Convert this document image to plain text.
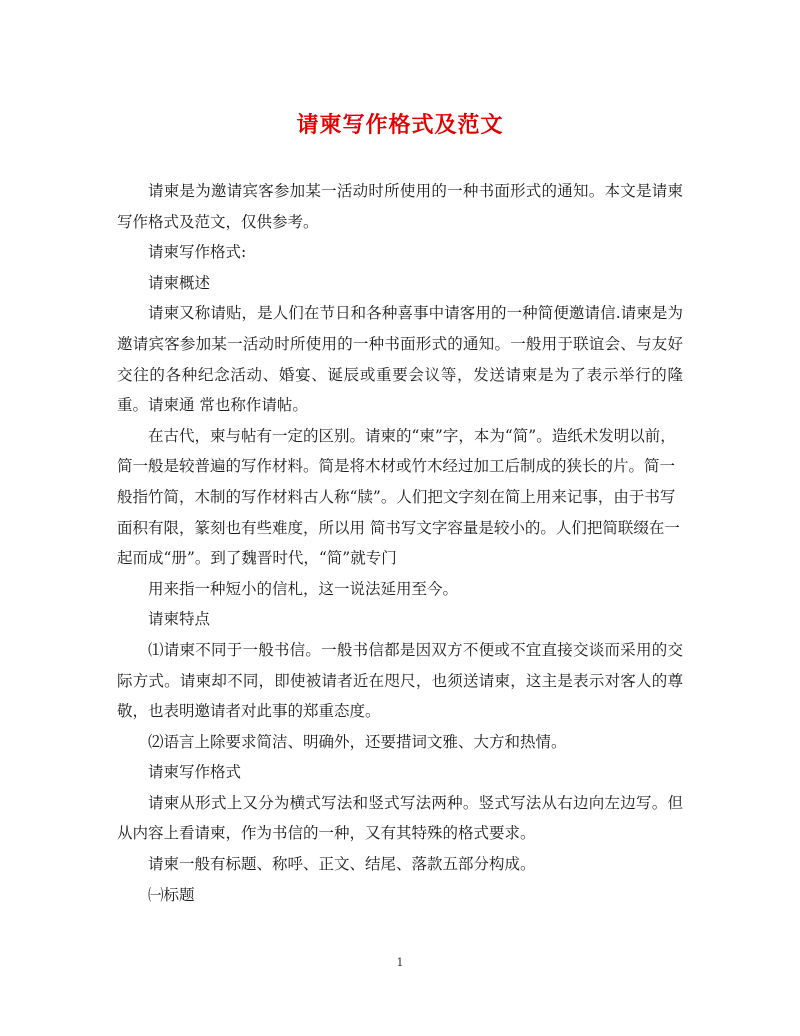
请柬写作格式及范文

请柬是为邀请宾客参加某一活动时所使用的一种书面形式的通知。本文是请柬写作格式及范文，仅供参考。

请柬写作格式:

请柬概述

请柬又称请贴，是人们在节日和各种喜事中请客用的一种简便邀请信.请柬是为邀请宾客参加某一活动时所使用的一种书面形式的通知。一般用于联谊会、与友好交往的各种纪念活动、婚宴、诞辰或重要会议等，发送请柬是为了表示举行的隆重。请柬通 常也称作请帖。

在古代，柬与帖有一定的区别。请柬的“柬”字，本为“简”。造纸术发明以前，简一般是较普遍的写作材料。简是将木材或竹木经过加工后制成的狭长的片。简一般指竹简，木制的写作材料古人称“牍”。人们把文字刻在简上用来记事，由于书写面积有限，篆刻也有些难度，所以用 简书写文字容量是较小的。人们把简联缀在一起而成“册”。到了魏晋时代，“简”就专门

用来指一种短小的信札，这一说法延用至今。

请柬特点

⑴请柬不同于一般书信。一般书信都是因双方不便或不宜直接交谈而采用的交际方式。请柬却不同，即使被请者近在咫尺，也须送请柬，这主是表示对客人的尊敬，也表明邀请者对此事的郑重态度。

⑵语言上除要求简洁、明确外，还要措词文雅、大方和热情。

请柬写作格式

请柬从形式上又分为横式写法和竖式写法两种。竖式写法从右边向左边写。但从内容上看请柬，作为书信的一种，又有其特殊的格式要求。

请柬一般有标题、称呼、正文、结尾、落款五部分构成。

㈠标题

1
